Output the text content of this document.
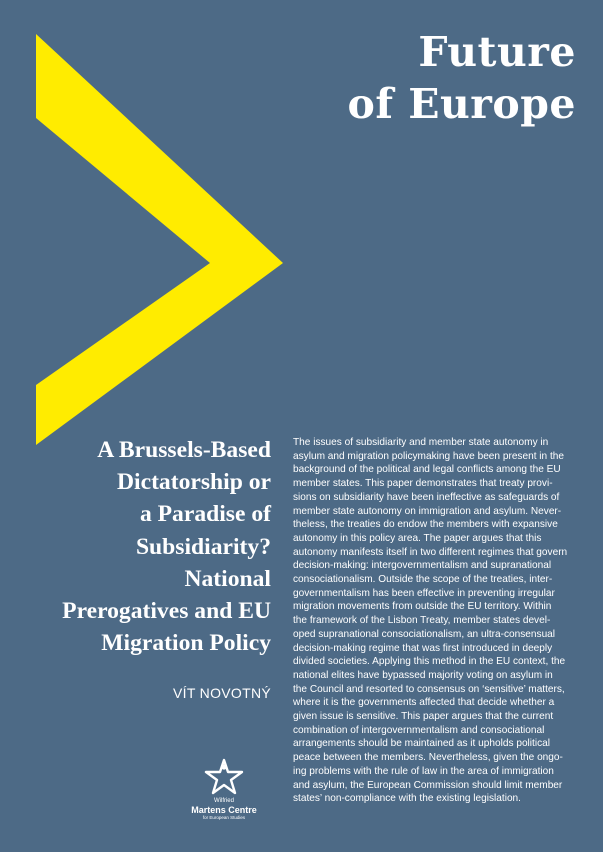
Future
of Europe
A Brussels-Based
Dictatorship or
a Paradise of
Subsidiarity?
National
Prerogatives and EU
Migration Policy

VÍT NOVOTNÝ

The issues of subsidiarity and member state autonomy in
asylum and migration policymaking have been present in the
background of the political and legal conflicts among the EU
member states. This paper demonstrates that treaty provi-
sions on subsidiarity have been ineffective as safeguards of
member state autonomy on immigration and asylum. Never-
theless, the treaties do endow the members with expansive
autonomy in this policy area. The paper argues that this
autonomy manifests itself in two different regimes that govern
decision-making: intergovernmentalism and supranational
consociationalism. Outside the scope of the treaties, inter-
governmentalism has been effective in preventing irregular
migration movements from outside the EU territory. Within
the framework of the Lisbon Treaty, member states devel-
oped supranational consociationalism, an ultra-consensual
decision-making regime that was first introduced in deeply
divided societies. Applying this method in the EU context, the
national elites have bypassed majority voting on asylum in
the Council and resorted to consensus on ‘sensitive’ matters,
where it is the governments affected that decide whether a
given issue is sensitive. This paper argues that the current
combination of intergovernmentalism and consociational
arrangements should be maintained as it upholds political
peace between the members. Nevertheless, given the ongo-
ing problems with the rule of law in the area of immigration
and asylum, the European Commission should limit member
states’ non-compliance with the existing legislation.
Wilfried
Martens Centre
for European Studies
